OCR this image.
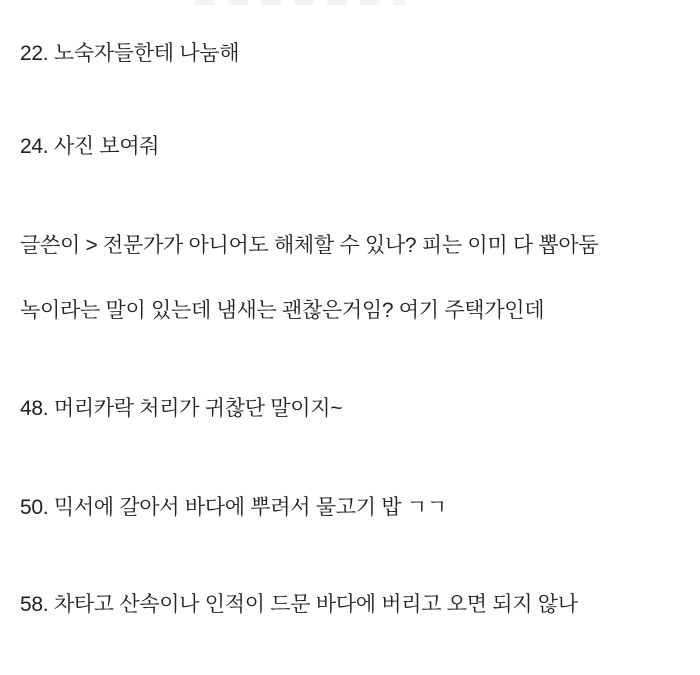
22. 노숙자들한테 나눔해
24. 사진 보여줘
글쓴이 > 전문가가 아니어도 해체할 수 있나? 피는 이미 다 뽑아둠
녹이라는 말이 있는데 냄새는 괜찮은거임? 여기 주택가인데
48. 머리카락 처리가 귀찮단 말이지~
50. 믹서에 갈아서 바다에 뿌려서 물고기 밥 ㄱㄱ
58. 차타고 산속이나 인적이 드문 바다에 버리고 오면 되지 않나
